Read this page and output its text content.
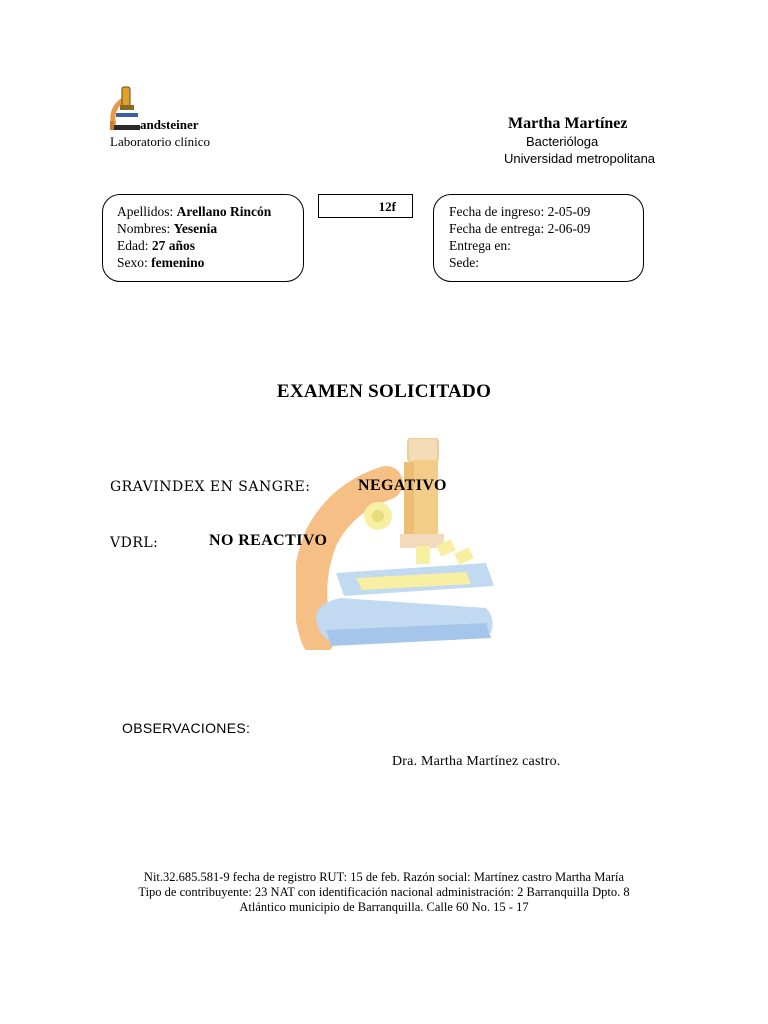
andsteiner
Laboratorio clínico
Martha Martínez
Bacterióloga
Universidad metropolitana
Apellidos: Arellano Rincón
Nombres: Yesenia
Edad: 27 años
Sexo: femenino
12f	Fecha de ingreso: 2-05-09
Fecha de entrega: 2-06-09
Entrega en:
Sede:
EXAMEN SOLICITADO
GRAVINDEX EN SANGRE:	NEGATIVO
VDRL:	NO REACTIVO
OBSERVACIONES:
Dra. Martha Martínez castro.
Nit.32.685.581-9 fecha de registro RUT: 15 de feb. Razón social: Martínez castro Martha María
Tipo de contribuyente: 23 NAT con identificación nacional administración: 2 Barranquilla Dpto. 8
Atlántico municipio de Barranquilla. Calle 60 No. 15 - 17
